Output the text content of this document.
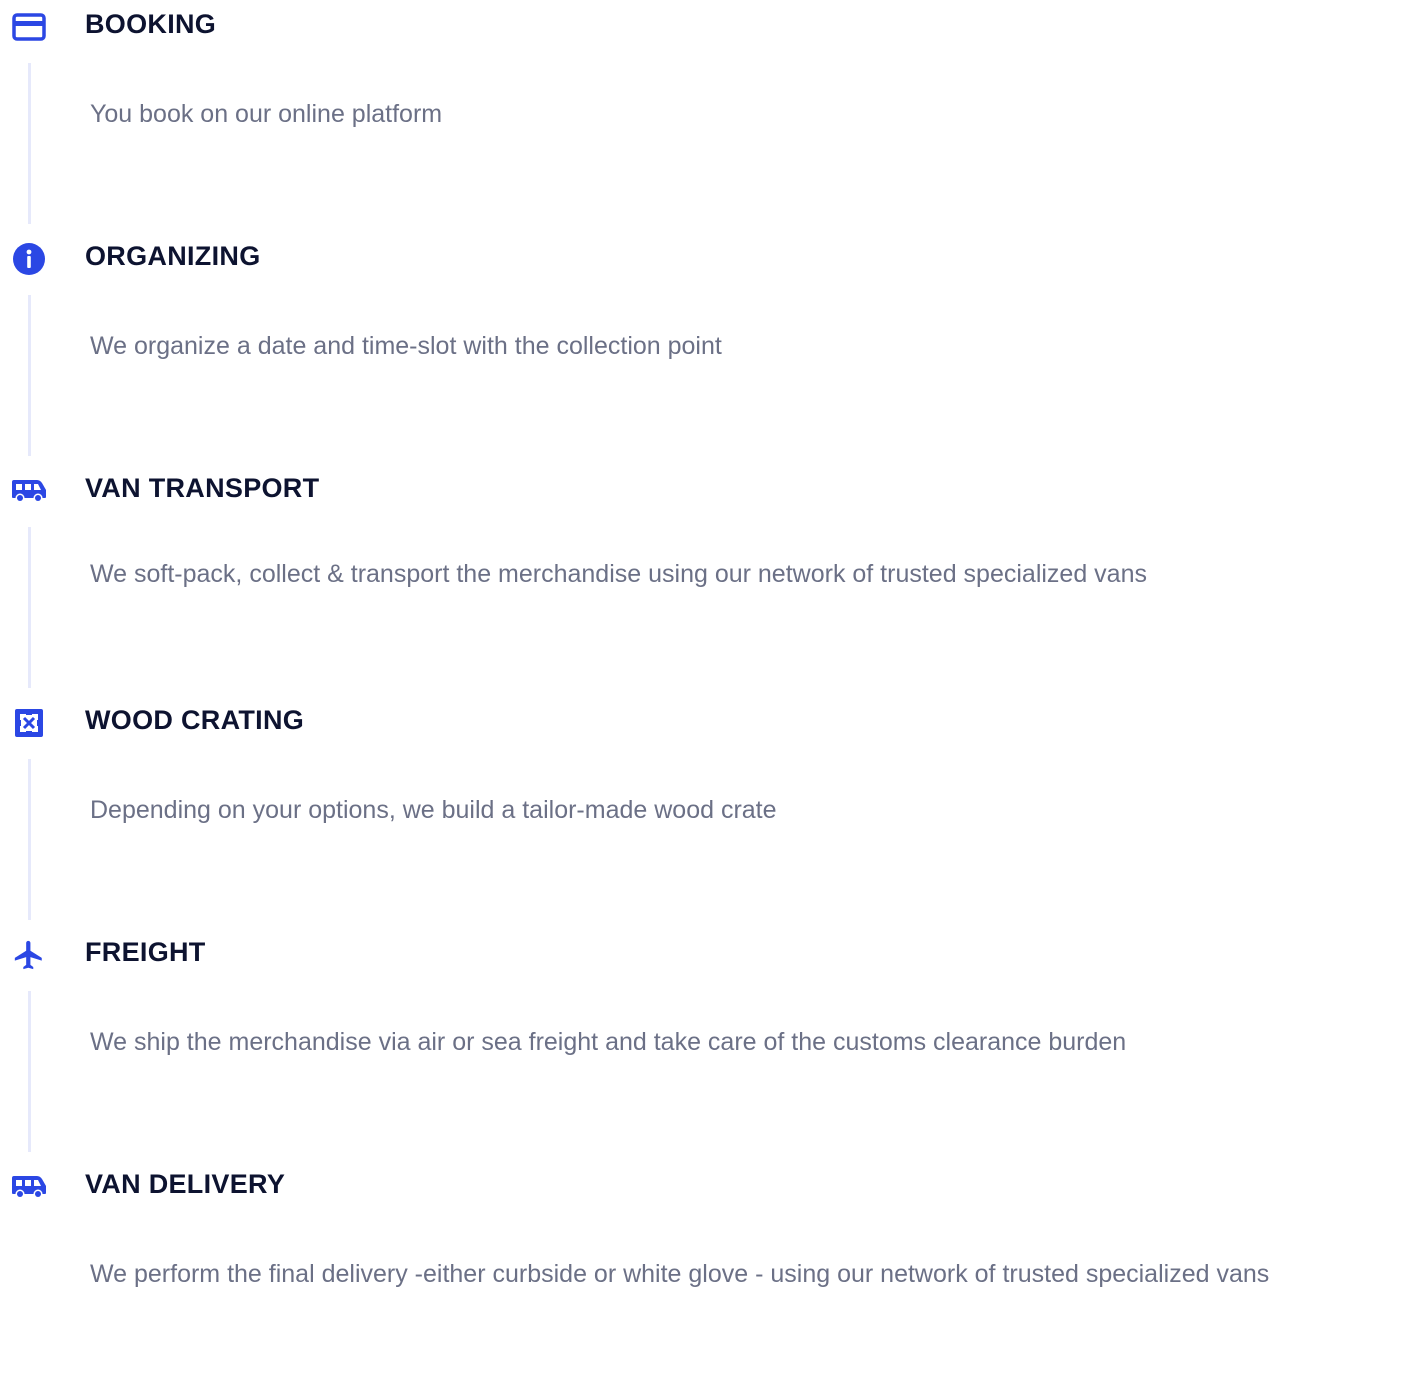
BOOKING

You book on our online platform

ORGANIZING

We organize a date and time-slot with the collection point

VAN TRANSPORT

We soft-pack, collect & transport the merchandise using our network of trusted specialized vans

WOOD CRATING

Depending on your options, we build a tailor-made wood crate

FREIGHT

We ship the merchandise via air or sea freight and take care of the customs clearance burden

VAN DELIVERY

We perform the final delivery -either curbside or white glove - using our network of trusted specialized vans
